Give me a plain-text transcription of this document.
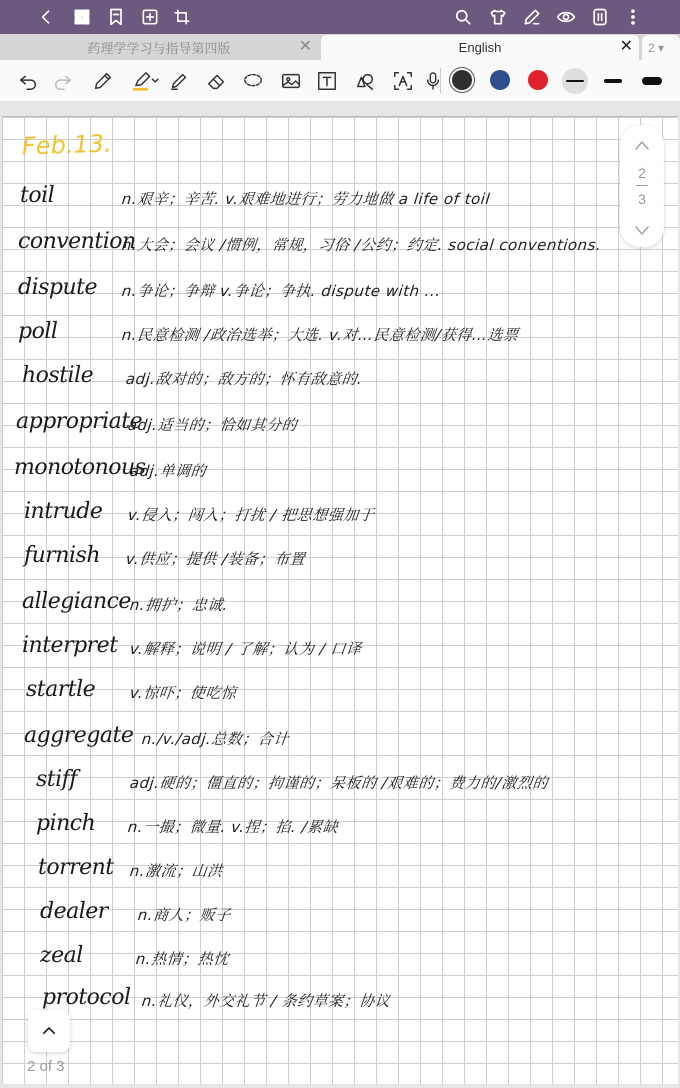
药理学学习与指导第四版	✕	English	✕ 2 ▾
Feb.13.
toil	n.艰辛；辛苦. v.艰难地进行；劳力地做 a life of toil
convention
n.大会；会议 /惯例，常规，习俗 /公约；约定. social conventions.
dispute n.争论；争辩 v.争论；争执. dispute with ...
poll	n.民意检测 /政治选举；大选. v.对…民意检测/获得…选票
hostile adj.敌对的；敌方的；怀有敌意的.
appropriate
adj.适当的；恰如其分的
monotonous
adj.单调的
intrude v.侵入；闯入；打扰 / 把思想强加于
furnish v.供应；提供 /装备；布置
allegiance
n.拥护；忠诚.
interpret v.解释；说明 / 了解；认为 / 口译
startle v.惊吓；使吃惊
aggregate n./v./adj.总数；合计
stiff	adj.硬的；僵直的；拘谨的；呆板的 /艰难的；费力的/激烈的
pinch n.一撮；微量. v.捏；掐. /累缺
torrent n.激流；山洪
dealer n.商人；贩子
zeal	n.热情；热忱
protocol n.礼仪，外交礼节 / 条约草案；协议
2
3
2 of 3
